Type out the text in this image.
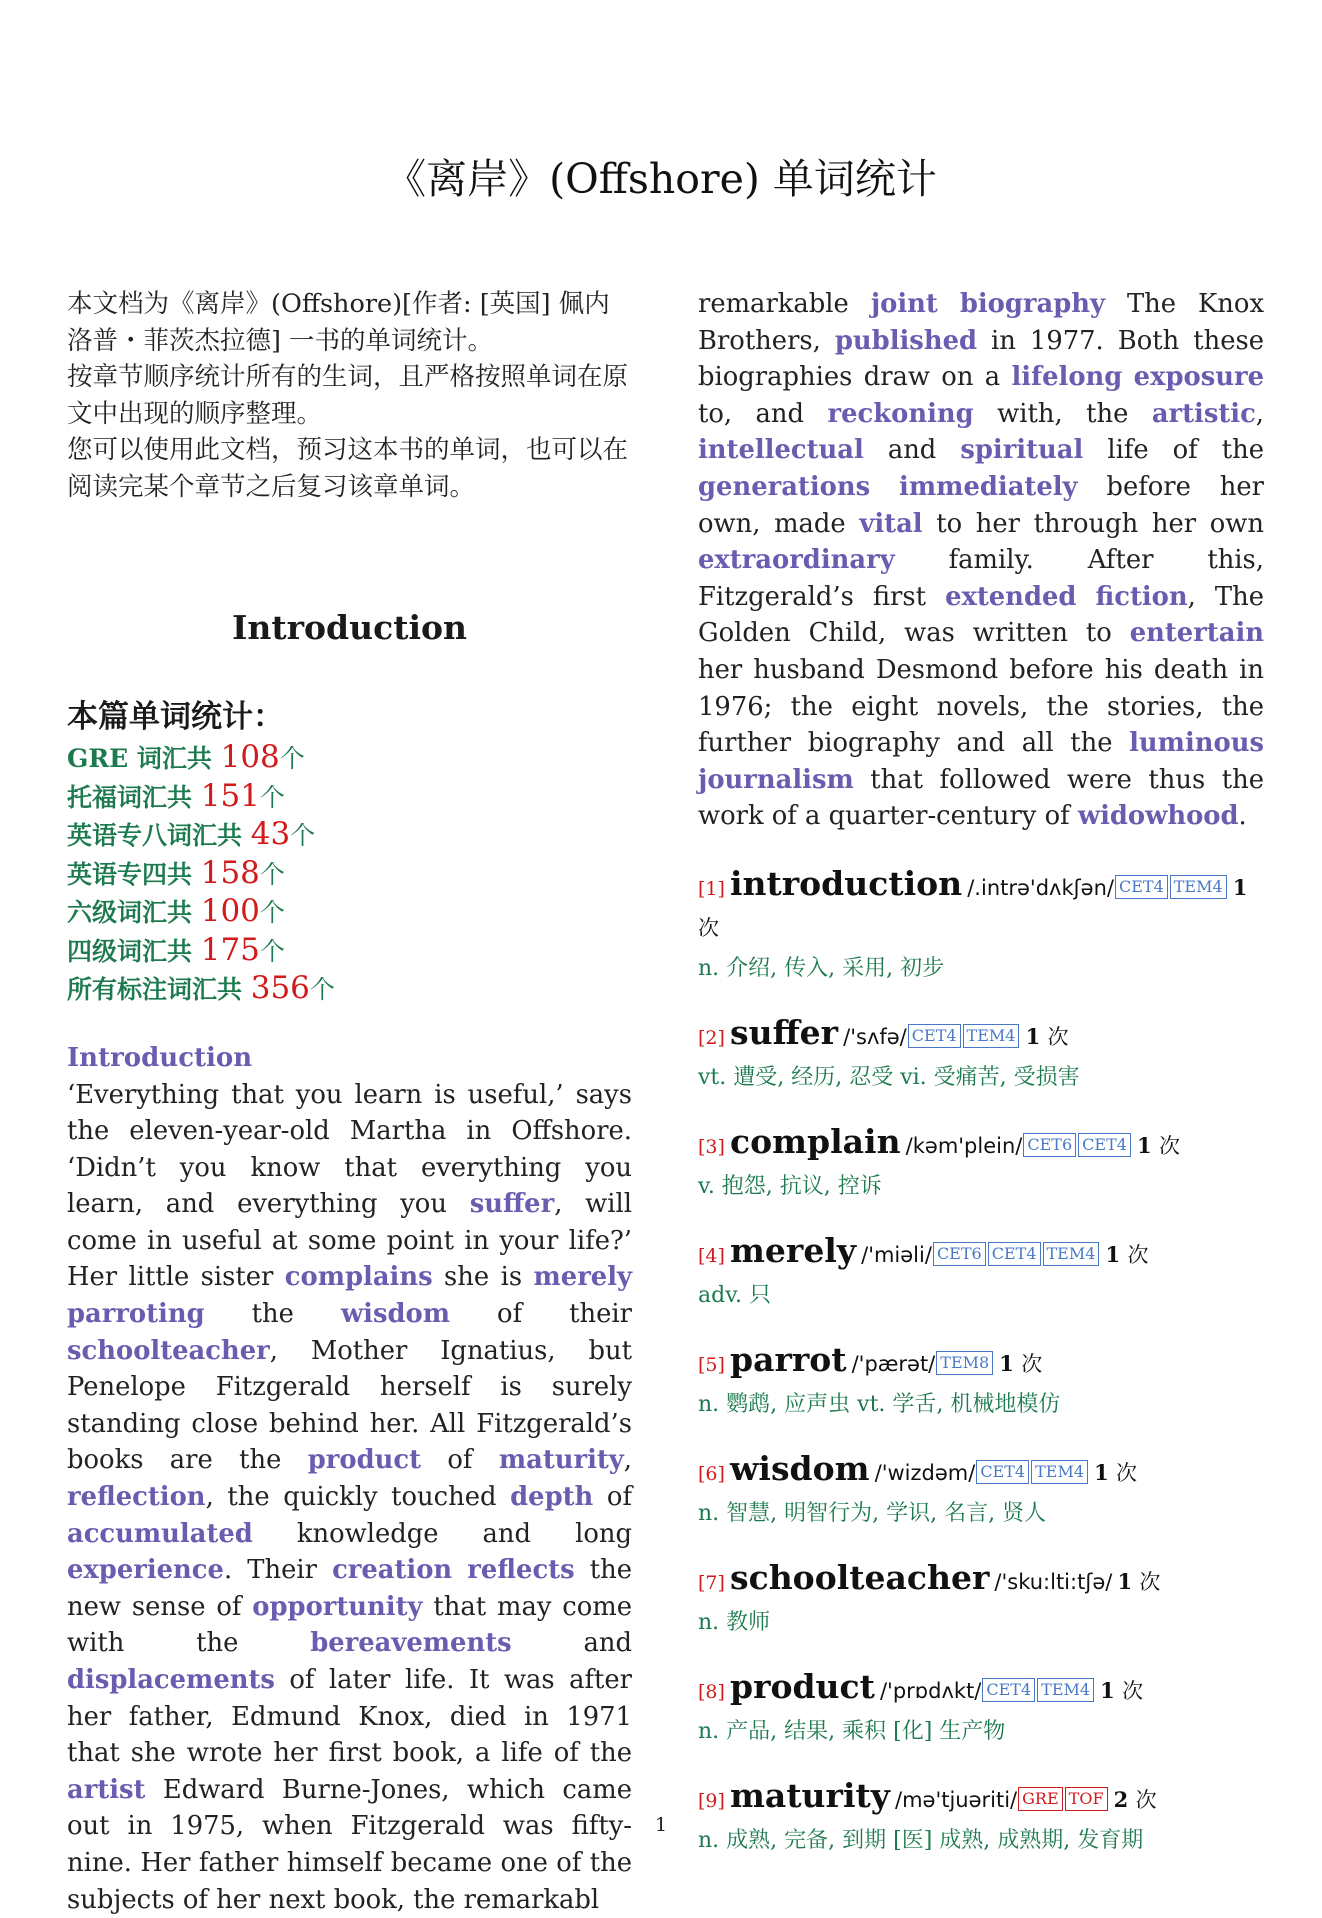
《离岸》(Offshore) 单词统计

本文档为《离岸》(Offshore)[作者: [英国] 佩内洛普・菲茨杰拉德] 一书的单词统计。

按章节顺序统计所有的生词，且严格按照单词在原文中出现的顺序整理。

您可以使用此文档，预习这本书的单词，也可以在阅读完某个章节之后复习该章单词。

Introduction
本篇单词统计：
GRE 词汇共 108个
托福词汇共 151个
英语专八词汇共 43个
英语专四共 158个
六级词汇共 100个
四级词汇共 175个
所有标注词汇共 356个
Introduction

‘Everything that you learn is useful,’ says the eleven-year-old Martha in Offshore. ‘Didn’t you know that everything you learn, and everything you suffer, will come in useful at some point in your life?’ Her little sister complains she is merely parroting the wisdom of their schoolteacher, Mother Ignatius, but Penelope Fitzgerald herself is surely standing close behind her. All Fitzgerald’s books are the product of maturity, reflection, the quickly touched depth of accumulated knowledge and long experience. Their creation reflects the new sense of opportunity that may come with the bereavements and displacements of later life. It was after her father, Edmund Knox, died in 1971 that she wrote her first book, a life of the artist Edward Burne-Jones, which came out in 1975, when Fitzgerald was fifty-nine. Her father himself became one of the subjects of her next book, the remarkabl

remarkable joint biography The Knox Brothers, published in 1977. Both these biographies draw on a lifelong exposure to, and reckoning with, the artistic, intellectual and spiritual life of the generations immediately before her own, made vital to her through her own extraordinary family. After this, Fitzgerald’s first extended fiction, The Golden Child, was written to entertain her husband Desmond before his death in 1976; the eight novels, the stories, the further biography and all the luminous journalism that followed were thus the work of a quarter-century of widowhood.

[1] introduction /.intrə'dʌkʃən/ CET4 TEM4 1 次
n. 介绍, 传入, 采用, 初步
[2] suffer /'sʌfə/ CET4 TEM4 1 次
vt. 遭受, 经历, 忍受 vi. 受痛苦, 受损害
[3] complain /kəm'plein/ CET6 CET4 1 次
v. 抱怨, 抗议, 控诉
[4] merely /'miəli/ CET6 CET4 TEM4 1 次
adv. 只
[5] parrot /'pærət/ TEM8 1 次
n. 鹦鹉, 应声虫 vt. 学舌, 机械地模仿
[6] wisdom /'wizdəm/ CET4 TEM4 1 次
n. 智慧, 明智行为, 学识, 名言, 贤人
[7] schoolteacher /'sku:lti:tʃə/ 1 次
n. 教师
[8] product /'prɒdʌkt/ CET4 TEM4 1 次
n. 产品, 结果, 乘积 [化] 生产物
[9] maturity /mə'tjuəriti/ GRE TOF 2 次
n. 成熟, 完备, 到期 [医] 成熟, 成熟期, 发育期
1
